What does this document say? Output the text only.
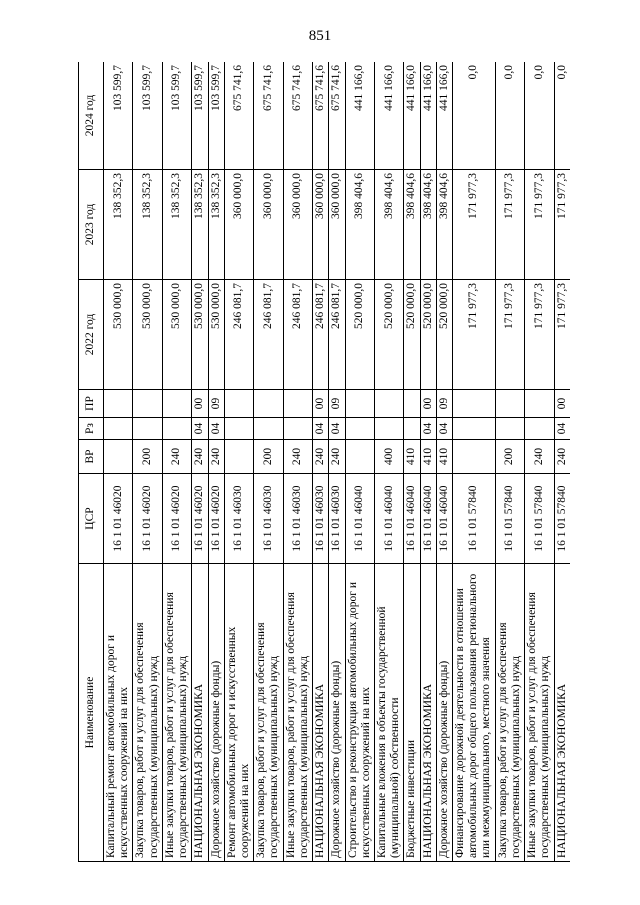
851
Наименование	ЦСР	ВР	Рз	ПР	2022 год	2023 год	2024 год
Капитальный ремонт автомобильных дорог и искусственных сооружений на них	16 1 01 46020				530 000,0	138 352,3	103 599,7
Закупка товаров, работ и услуг для обеспечения государственных (муниципальных) нужд	16 1 01 46020	200			530 000,0	138 352,3	103 599,7
Иные закупки товаров, работ и услуг для обеспечения государственных (муниципальных) нужд	16 1 01 46020	240			530 000,0	138 352,3	103 599,7
НАЦИОНАЛЬНАЯ ЭКОНОМИКА	16 1 01 46020	240	04	00	530 000,0	138 352,3	103 599,7
Дорожное хозяйство (дорожные фонды)	16 1 01 46020	240	04	09	530 000,0	138 352,3	103 599,7
Ремонт автомобильных дорог и искусственных сооружений на них	16 1 01 46030				246 081,7	360 000,0	675 741,6
Закупка товаров, работ и услуг для обеспечения государственных (муниципальных) нужд	16 1 01 46030	200			246 081,7	360 000,0	675 741,6
Иные закупки товаров, работ и услуг для обеспечения государственных (муниципальных) нужд	16 1 01 46030	240			246 081,7	360 000,0	675 741,6
НАЦИОНАЛЬНАЯ ЭКОНОМИКА	16 1 01 46030	240	04	00	246 081,7	360 000,0	675 741,6
Дорожное хозяйство (дорожные фонды)	16 1 01 46030	240	04	09	246 081,7	360 000,0	675 741,6
Строительство и реконструкция автомобильных дорог и искусственных сооружений на них	16 1 01 46040				520 000,0	398 404,6	441 166,0
Капитальные вложения в объекты государственной (муниципальной) собственности	16 1 01 46040	400			520 000,0	398 404,6	441 166,0
Бюджетные инвестиции	16 1 01 46040	410			520 000,0	398 404,6	441 166,0
НАЦИОНАЛЬНАЯ ЭКОНОМИКА	16 1 01 46040	410	04	00	520 000,0	398 404,6	441 166,0
Дорожное хозяйство (дорожные фонды)	16 1 01 46040	410	04	09	520 000,0	398 404,6	441 166,0
Финансирование дорожной деятельности в отношении автомобильных дорог общего пользования регионального или межмуниципального, местного значения	16 1 01 57840				171 977,3	171 977,3	0,0
Закупка товаров, работ и услуг для обеспечения государственных (муниципальных) нужд	16 1 01 57840	200			171 977,3	171 977,3	0,0
Иные закупки товаров, работ и услуг для обеспечения государственных (муниципальных) нужд	16 1 01 57840	240			171 977,3	171 977,3	0,0
НАЦИОНАЛЬНАЯ ЭКОНОМИКА	16 1 01 57840	240	04	00	171 977,3	171 977,3	0,0
